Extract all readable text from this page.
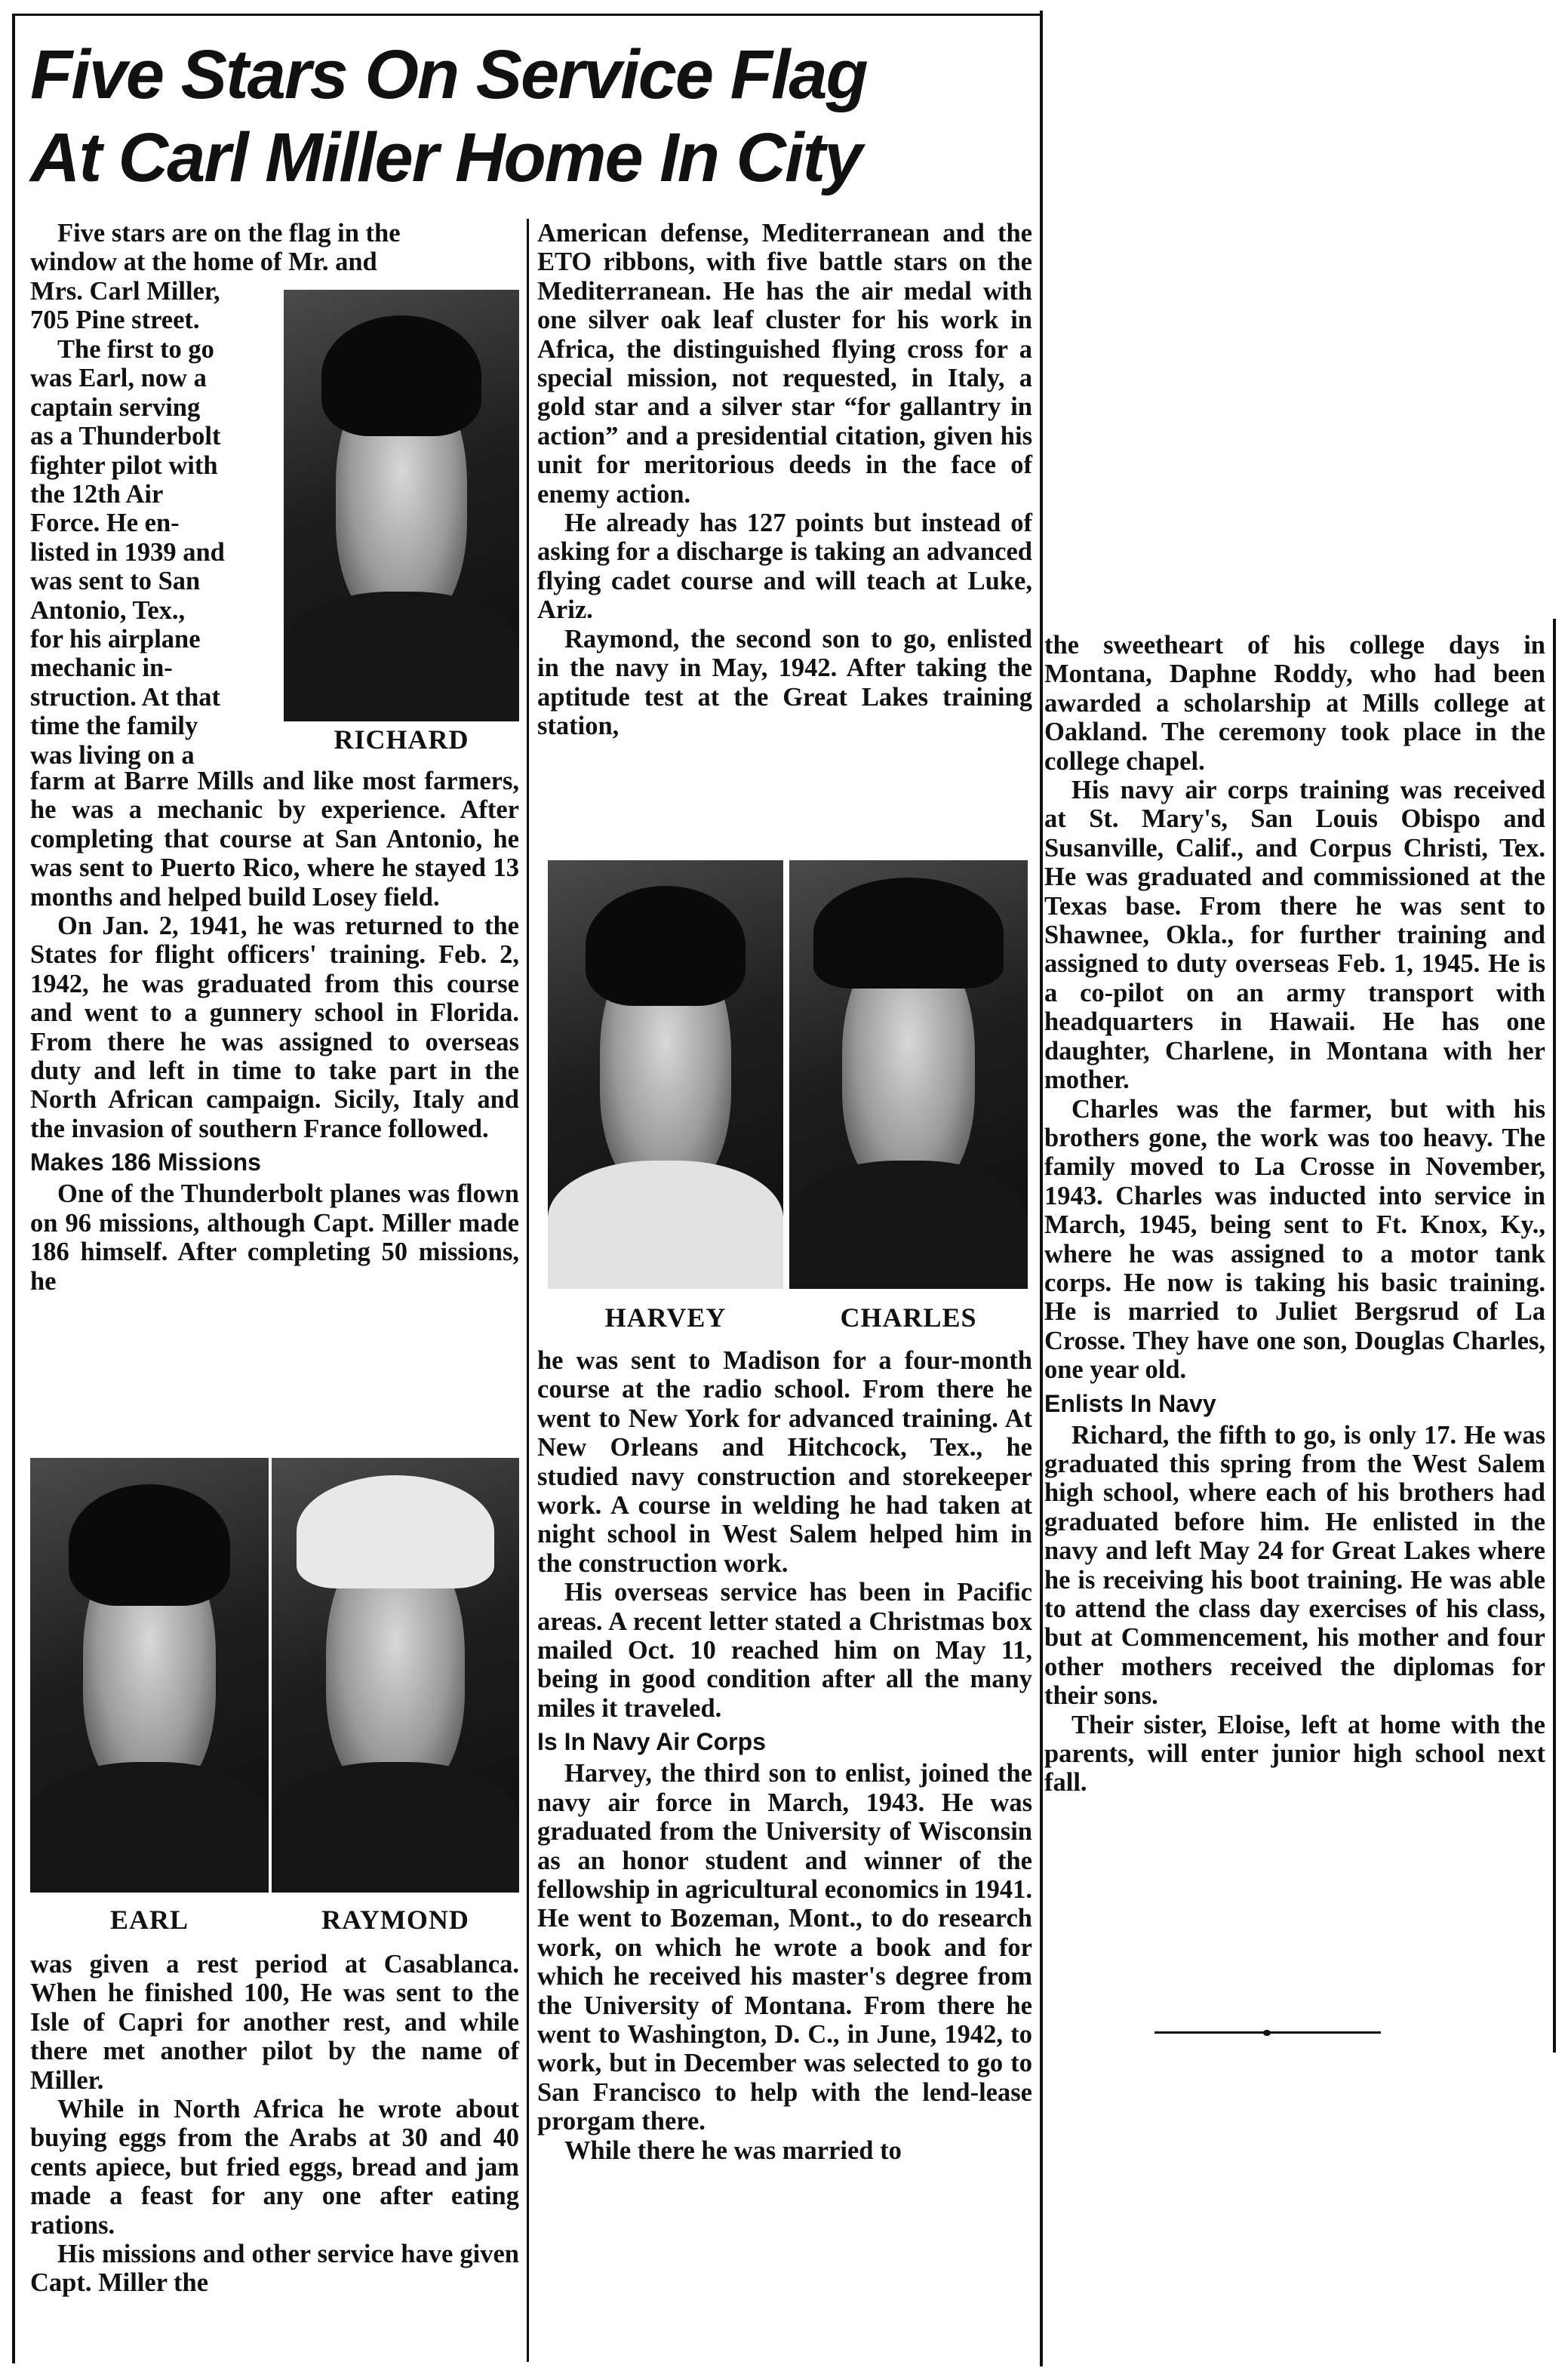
Five Stars On Service Flag
At Carl Miller Home In City

Five stars are on the flag in the

window at the home of Mr. and

Mrs. Carl Miller,

705 Pine street.

The first to go

was Earl, now a

captain serving

as a Thunderbolt

fighter pilot with

the 12th Air

Force. He en-

listed in 1939 and

was sent to San

Antonio, Tex.,

for his airplane

mechanic in-

struction. At that

time the family

was living on a

RICHARD

farm at Barre Mills and like most farmers, he was a mechanic by experience. After completing that course at San Antonio, he was sent to Puerto Rico, where he stayed 13 months and helped build Losey field.

On Jan. 2, 1941, he was returned to the States for flight officers' training. Feb. 2, 1942, he was graduated from this course and went to a gunnery school in Florida. From there he was assigned to overseas duty and left in time to take part in the North African campaign. Sicily, Italy and the invasion of southern France followed.

Makes 186 Missions

One of the Thunderbolt planes was flown on 96 missions, although Capt. Miller made 186 himself. After completing 50 missions, he

EARL	RAYMOND

was given a rest period at Casablanca. When he finished 100, He was sent to the Isle of Capri for another rest, and while there met another pilot by the name of Miller.

While in North Africa he wrote about buying eggs from the Arabs at 30 and 40 cents apiece, but fried eggs, bread and jam made a feast for any one after eating rations.

His missions and other service have given Capt. Miller the

American defense, Mediterranean and the ETO ribbons, with five battle stars on the Mediterranean. He has the air medal with one silver oak leaf cluster for his work in Africa, the distinguished flying cross for a special mission, not requested, in Italy, a gold star and a silver star “for gallantry in action” and a presidential citation, given his unit for meritorious deeds in the face of enemy action.

He already has 127 points but instead of asking for a discharge is taking an advanced flying cadet course and will teach at Luke, Ariz.

Raymond, the second son to go, enlisted in the navy in May, 1942. After taking the aptitude test at the Great Lakes training station,

HARVEY	CHARLES

he was sent to Madison for a four-month course at the radio school. From there he went to New York for advanced training. At New Orleans and Hitchcock, Tex., he studied navy construction and storekeeper work. A course in welding he had taken at night school in West Salem helped him in the construction work.

His overseas service has been in Pacific areas. A recent letter stated a Christmas box mailed Oct. 10 reached him on May 11, being in good condition after all the many miles it traveled.

Is In Navy Air Corps

Harvey, the third son to enlist, joined the navy air force in March, 1943. He was graduated from the University of Wisconsin as an honor student and winner of the fellowship in agricultural economics in 1941. He went to Bozeman, Mont., to do research work, on which he wrote a book and for which he received his master's degree from the University of Montana. From there he went to Washington, D. C., in June, 1942, to work, but in December was selected to go to San Francisco to help with the lend-lease prorgam there.

While there he was married to

the sweetheart of his college days in Montana, Daphne Roddy, who had been awarded a scholarship at Mills college at Oakland. The ceremony took place in the college chapel.

His navy air corps training was received at St. Mary's, San Louis Obispo and Susanville, Calif., and Corpus Christi, Tex. He was graduated and commissioned at the Texas base. From there he was sent to Shawnee, Okla., for further training and assigned to duty overseas Feb. 1, 1945. He is a co-pilot on an army transport with headquarters in Hawaii. He has one daughter, Charlene, in Montana with her mother.

Charles was the farmer, but with his brothers gone, the work was too heavy. The family moved to La Crosse in November, 1943. Charles was inducted into service in March, 1945, being sent to Ft. Knox, Ky., where he was assigned to a motor tank corps. He now is taking his basic training. He is married to Juliet Bergsrud of La Crosse. They have one son, Douglas Charles, one year old.

Enlists In Navy

Richard, the fifth to go, is only 17. He was graduated this spring from the West Salem high school, where each of his brothers had graduated before him. He enlisted in the navy and left May 24 for Great Lakes where he is receiving his boot training. He was able to attend the class day exercises of his class, but at Commencement, his mother and four other mothers received the diplomas for their sons.

Their sister, Eloise, left at home with the parents, will enter junior high school next fall.
